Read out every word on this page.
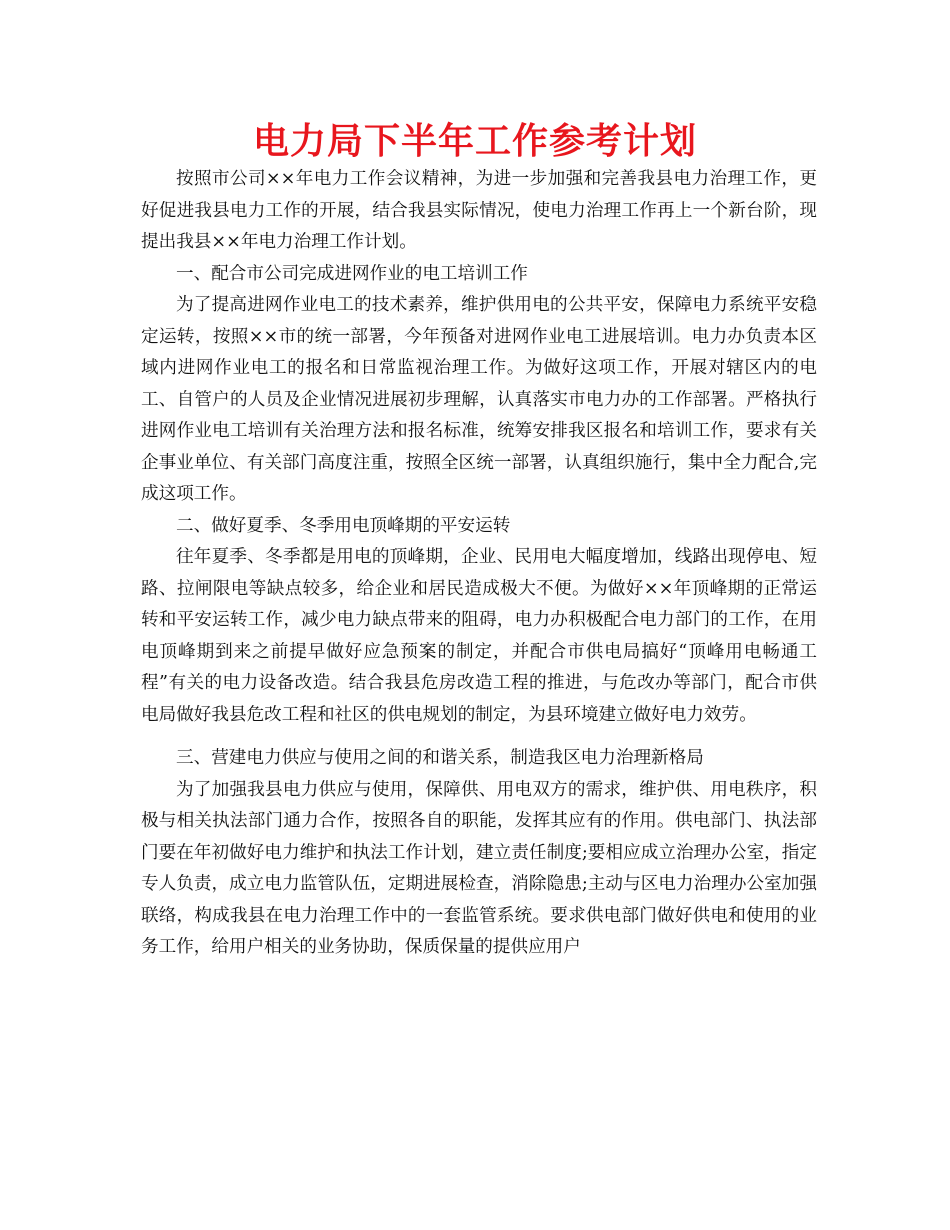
电力局下半年工作参考计划

按照市公司××年电力工作会议精神，为进一步加强和完善我县电力治理工作，更好促进我县电力工作的开展，结合我县实际情况，使电力治理工作再上一个新台阶，现提出我县××年电力治理工作计划。

一、配合市公司完成进网作业的电工培训工作

为了提高进网作业电工的技术素养，维护供用电的公共平安，保障电力系统平安稳定运转，按照××市的统一部署，今年预备对进网作业电工进展培训。电力办负责本区域内进网作业电工的报名和日常监视治理工作。为做好这项工作，开展对辖区内的电工、自管户的人员及企业情况进展初步理解，认真落实市电力办的工作部署。严格执行进网作业电工培训有关治理方法和报名标准，统筹安排我区报名和培训工作，要求有关企事业单位、有关部门高度注重，按照全区统一部署，认真组织施行，集中全力配合,完成这项工作。

二、做好夏季、冬季用电顶峰期的平安运转

往年夏季、冬季都是用电的顶峰期，企业、民用电大幅度增加，线路出现停电、短路、拉闸限电等缺点较多，给企业和居民造成极大不便。为做好××年顶峰期的正常运转和平安运转工作，减少电力缺点带来的阻碍，电力办积极配合电力部门的工作，在用电顶峰期到来之前提早做好应急预案的制定，并配合市供电局搞好“顶峰用电畅通工程”有关的电力设备改造。结合我县危房改造工程的推进，与危改办等部门，配合市供电局做好我县危改工程和社区的供电规划的制定，为县环境建立做好电力效劳。

三、营建电力供应与使用之间的和谐关系，制造我区电力治理新格局

为了加强我县电力供应与使用，保障供、用电双方的需求，维护供、用电秩序，积极与相关执法部门通力合作，按照各自的职能，发挥其应有的作用。供电部门、执法部门要在年初做好电力维护和执法工作计划，建立责任制度;要相应成立治理办公室，指定专人负责，成立电力监管队伍，定期进展检查，消除隐患;主动与区电力治理办公室加强联络，构成我县在电力治理工作中的一套监管系统。要求供电部门做好供电和使用的业务工作，给用户相关的业务协助，保质保量的提供应用户
